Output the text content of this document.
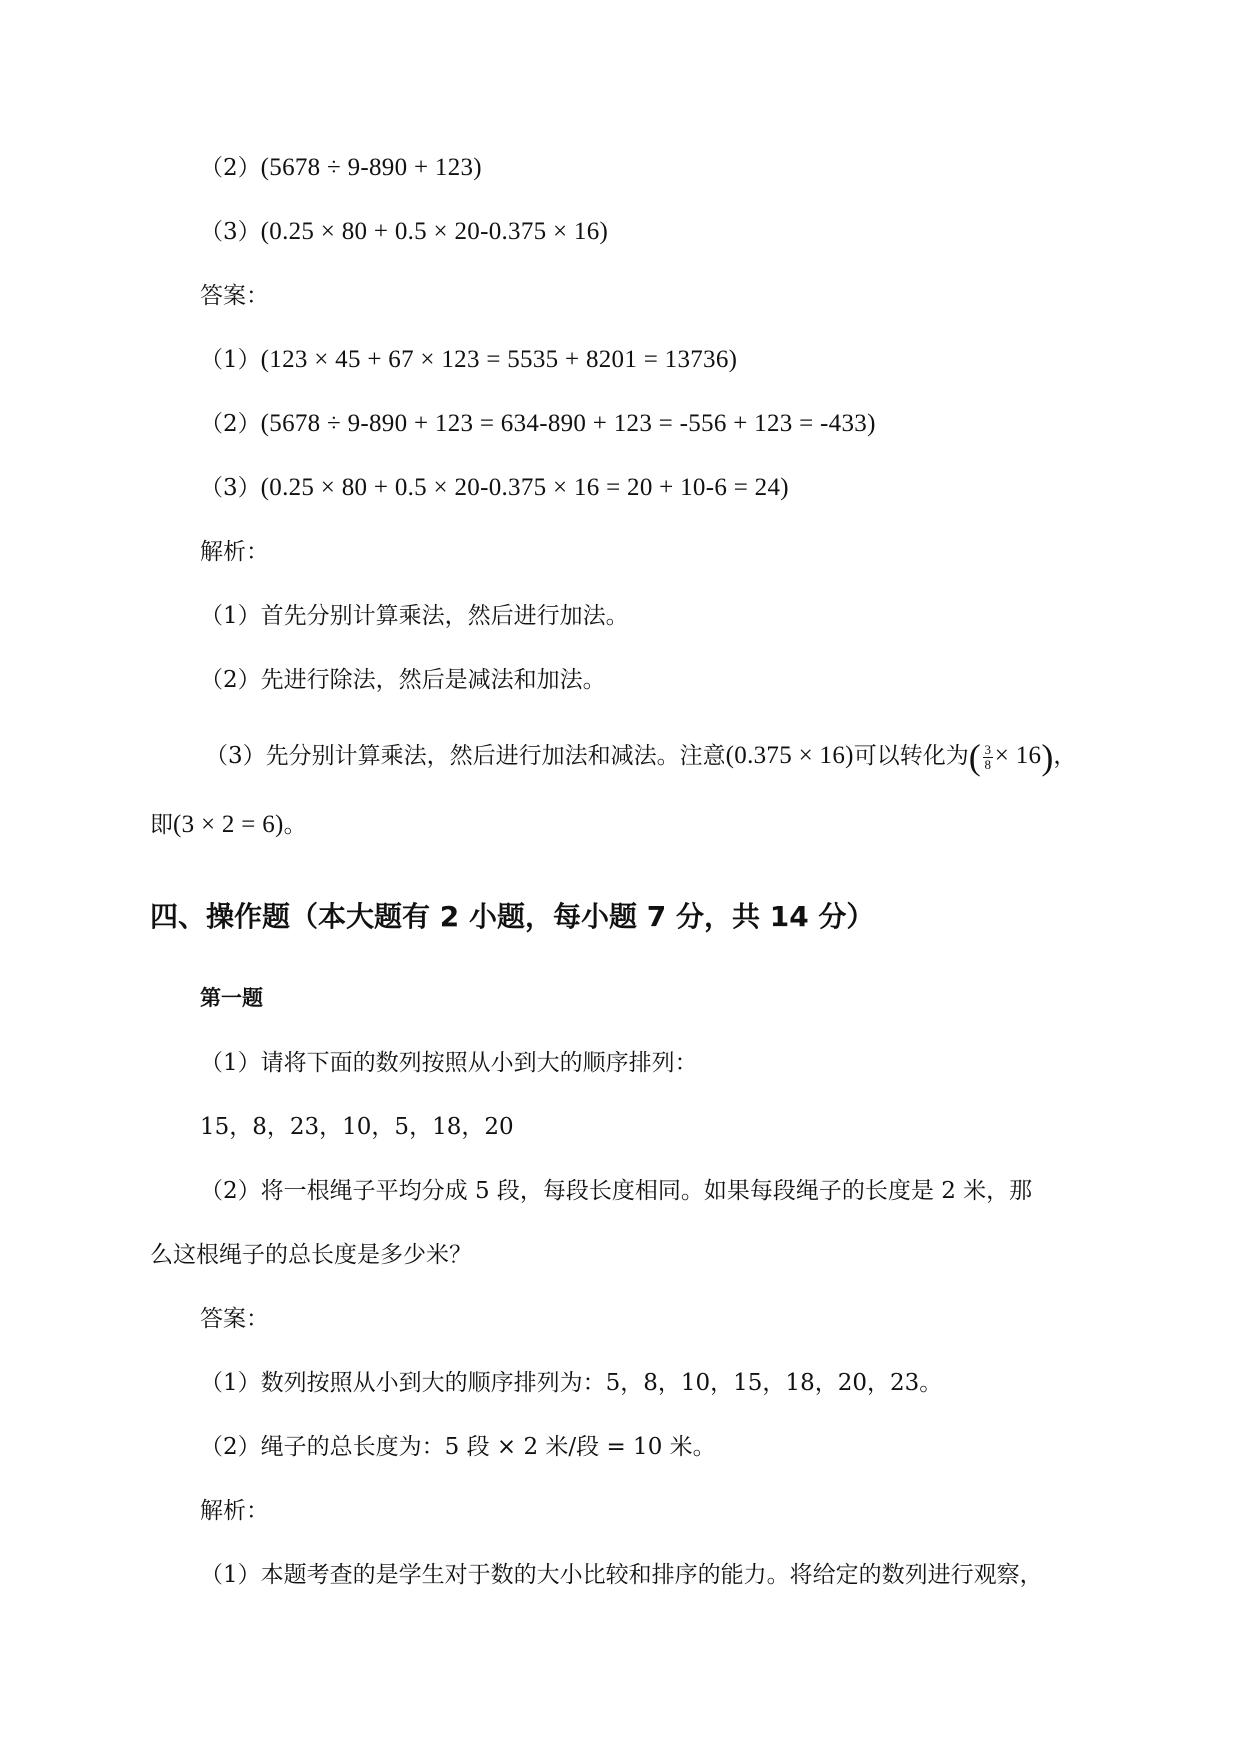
（2）(5678 ÷ 9-890 + 123)

（3）(0.25 × 80 + 0.5 × 20-0.375 × 16)

答案：

（1）(123 × 45 + 67 × 123 = 5535 + 8201 = 13736)

（2）(5678 ÷ 9-890 + 123 = 634-890 + 123 = -556 + 123 = -433)

（3）(0.25 × 80 + 0.5 × 20-0.375 × 16 = 20 + 10-6 = 24)

解析：

（1）首先分别计算乘法，然后进行加法。

（2）先进行除法，然后是减法和加法。

（3）先分别计算乘法，然后进行加法和减法。注意(0.375 × 16)可以转化为( $\frac{3}{8} \times 16$)，

即(3 × 2 = 6)。

四、操作题（本大题有 2 小题，每小题 7 分，共 14 分）
第一题

（1）请将下面的数列按照从小到大的顺序排列：

15，8，23，10，5，18，20

（2）将一根绳子平均分成 5 段，每段长度相同。如果每段绳子的长度是 2 米，那

么这根绳子的总长度是多少米？

答案：

（1）数列按照从小到大的顺序排列为：5，8，10，15，18，20，23。

（2）绳子的总长度为：5 段 × 2 米/段 = 10 米。

解析：

（1）本题考查的是学生对于数的大小比较和排序的能力。将给定的数列进行观察，
